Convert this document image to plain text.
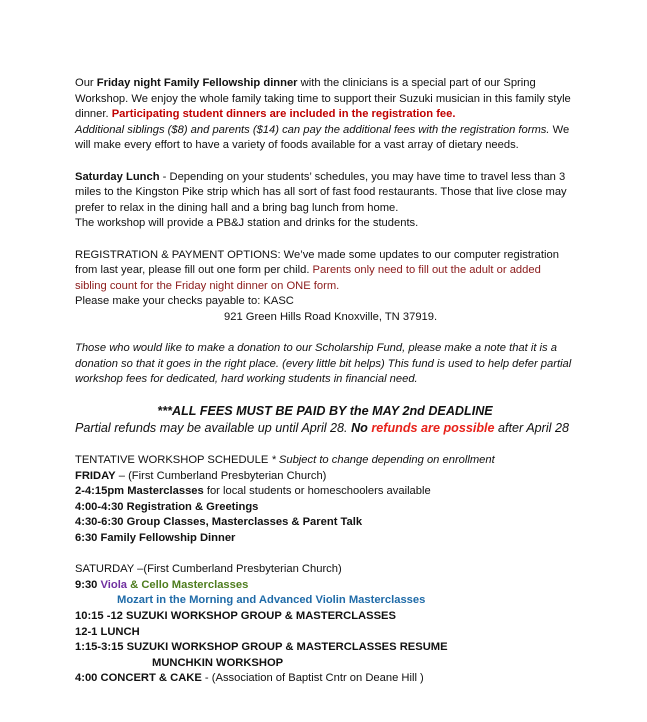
Our Friday night Family Fellowship dinner with the clinicians is a special part of our Spring Workshop. We enjoy the whole family taking time to support their Suzuki musician in this family style dinner. Participating student dinners are included in the registration fee.
Additional siblings ($8) and parents ($14) can pay the additional fees with the registration forms. We will make every effort to have a variety of foods available for a vast array of dietary needs.

Saturday Lunch - Depending on your students’ schedules, you may have time to travel less than 3 miles to the Kingston Pike strip which has all sort of fast food restaurants. Those that live close may prefer to relax in the dining hall and a bring bag lunch from home.
The workshop will provide a PB&J station and drinks for the students.

REGISTRATION & PAYMENT OPTIONS: We’ve made some updates to our computer registration from last year, please fill out one form per child. Parents only need to fill out the adult or added sibling count for the Friday night dinner on ONE form.

Please make your checks payable to: KASC

921 Green Hills Road Knoxville, TN 37919.

Those who would like to make a donation to our Scholarship Fund, please make a note that it is a donation so that it goes in the right place. (every little bit helps) This fund is used to help defer partial workshop fees for dedicated, hard working students in financial need.

***ALL FEES MUST BE PAID BY the MAY 2nd DEADLINE

Partial refunds may be available up until April 28. No refunds are possible after April 28

TENTATIVE WORKSHOP SCHEDULE * Subject to change depending on enrollment

FRIDAY – (First Cumberland Presbyterian Church)

2-4:15pm Masterclasses for local students or homeschoolers available

4:00-4:30 Registration & Greetings

4:30-6:30 Group Classes, Masterclasses & Parent Talk

6:30 Family Fellowship Dinner

SATURDAY –(First Cumberland Presbyterian Church)

9:30 Viola & Cello Masterclasses

Mozart in the Morning and Advanced Violin Masterclasses

10:15 -12 SUZUKI WORKSHOP GROUP & MASTERCLASSES

12-1 LUNCH

1:15-3:15 SUZUKI WORKSHOP GROUP & MASTERCLASSES RESUME

MUNCHKIN WORKSHOP

4:00 CONCERT & CAKE - (Association of Baptist Cntr on Deane Hill )
